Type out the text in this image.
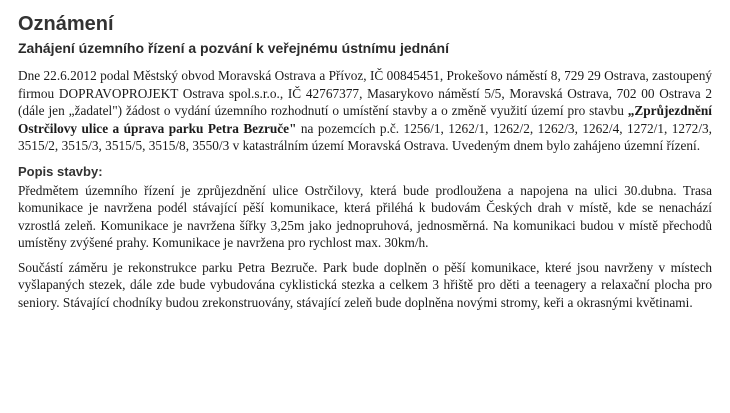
Oznámení
Zahájení územního řízení a pozvání k veřejnému ústnímu jednání

Dne 22.6.2012 podal Městský obvod Moravská Ostrava a Přívoz, IČ 00845451, Prokešovo náměstí 8, 729 29 Ostrava, zastoupený firmou DOPRAVOPROJEKT Ostrava spol.s.r.o., IČ 42767377, Masarykovo náměstí 5/5, Moravská Ostrava, 702 00 Ostrava 2 (dále jen „žadatel") žádost o vydání územního rozhodnutí o umístění stavby a o změně využití území pro stavbu „Zprůjezdnění Ostrčilovy ulice a úprava parku Petra Bezruče" na pozemcích p.č. 1256/1, 1262/1, 1262/2, 1262/3, 1262/4, 1272/1, 1272/3, 3515/2, 3515/3, 3515/5, 3515/8, 3550/3 v katastrálním území Moravská Ostrava. Uvedeným dnem bylo zahájeno územní řízení.

Popis stavby:

Předmětem územního řízení je zprůjezdnění ulice Ostrčilovy, která bude prodloužena a napojena na ulici 30.dubna. Trasa komunikace je navržena podél stávající pěší komunikace, která přiléhá k budovám Českých drah v místě, kde se nenachází vzrostlá zeleň. Komunikace je navržena šířky 3,25m jako jednopruhová, jednosměrná. Na komunikaci budou v místě přechodů umístěny zvýšené prahy. Komunikace je navržena pro rychlost max. 30km/h.

Součástí záměru je rekonstrukce parku Petra Bezruče. Park bude doplněn o pěší komunikace, které jsou navrženy v místech vyšlapaných stezek, dále zde bude vybudována cyklistická stezka a celkem 3 hřiště pro děti a teenagery a relaxační plocha pro seniory. Stávající chodníky budou zrekonstruovány, stávající zeleň bude doplněna novými stromy, keři a okrasnými květinami.
